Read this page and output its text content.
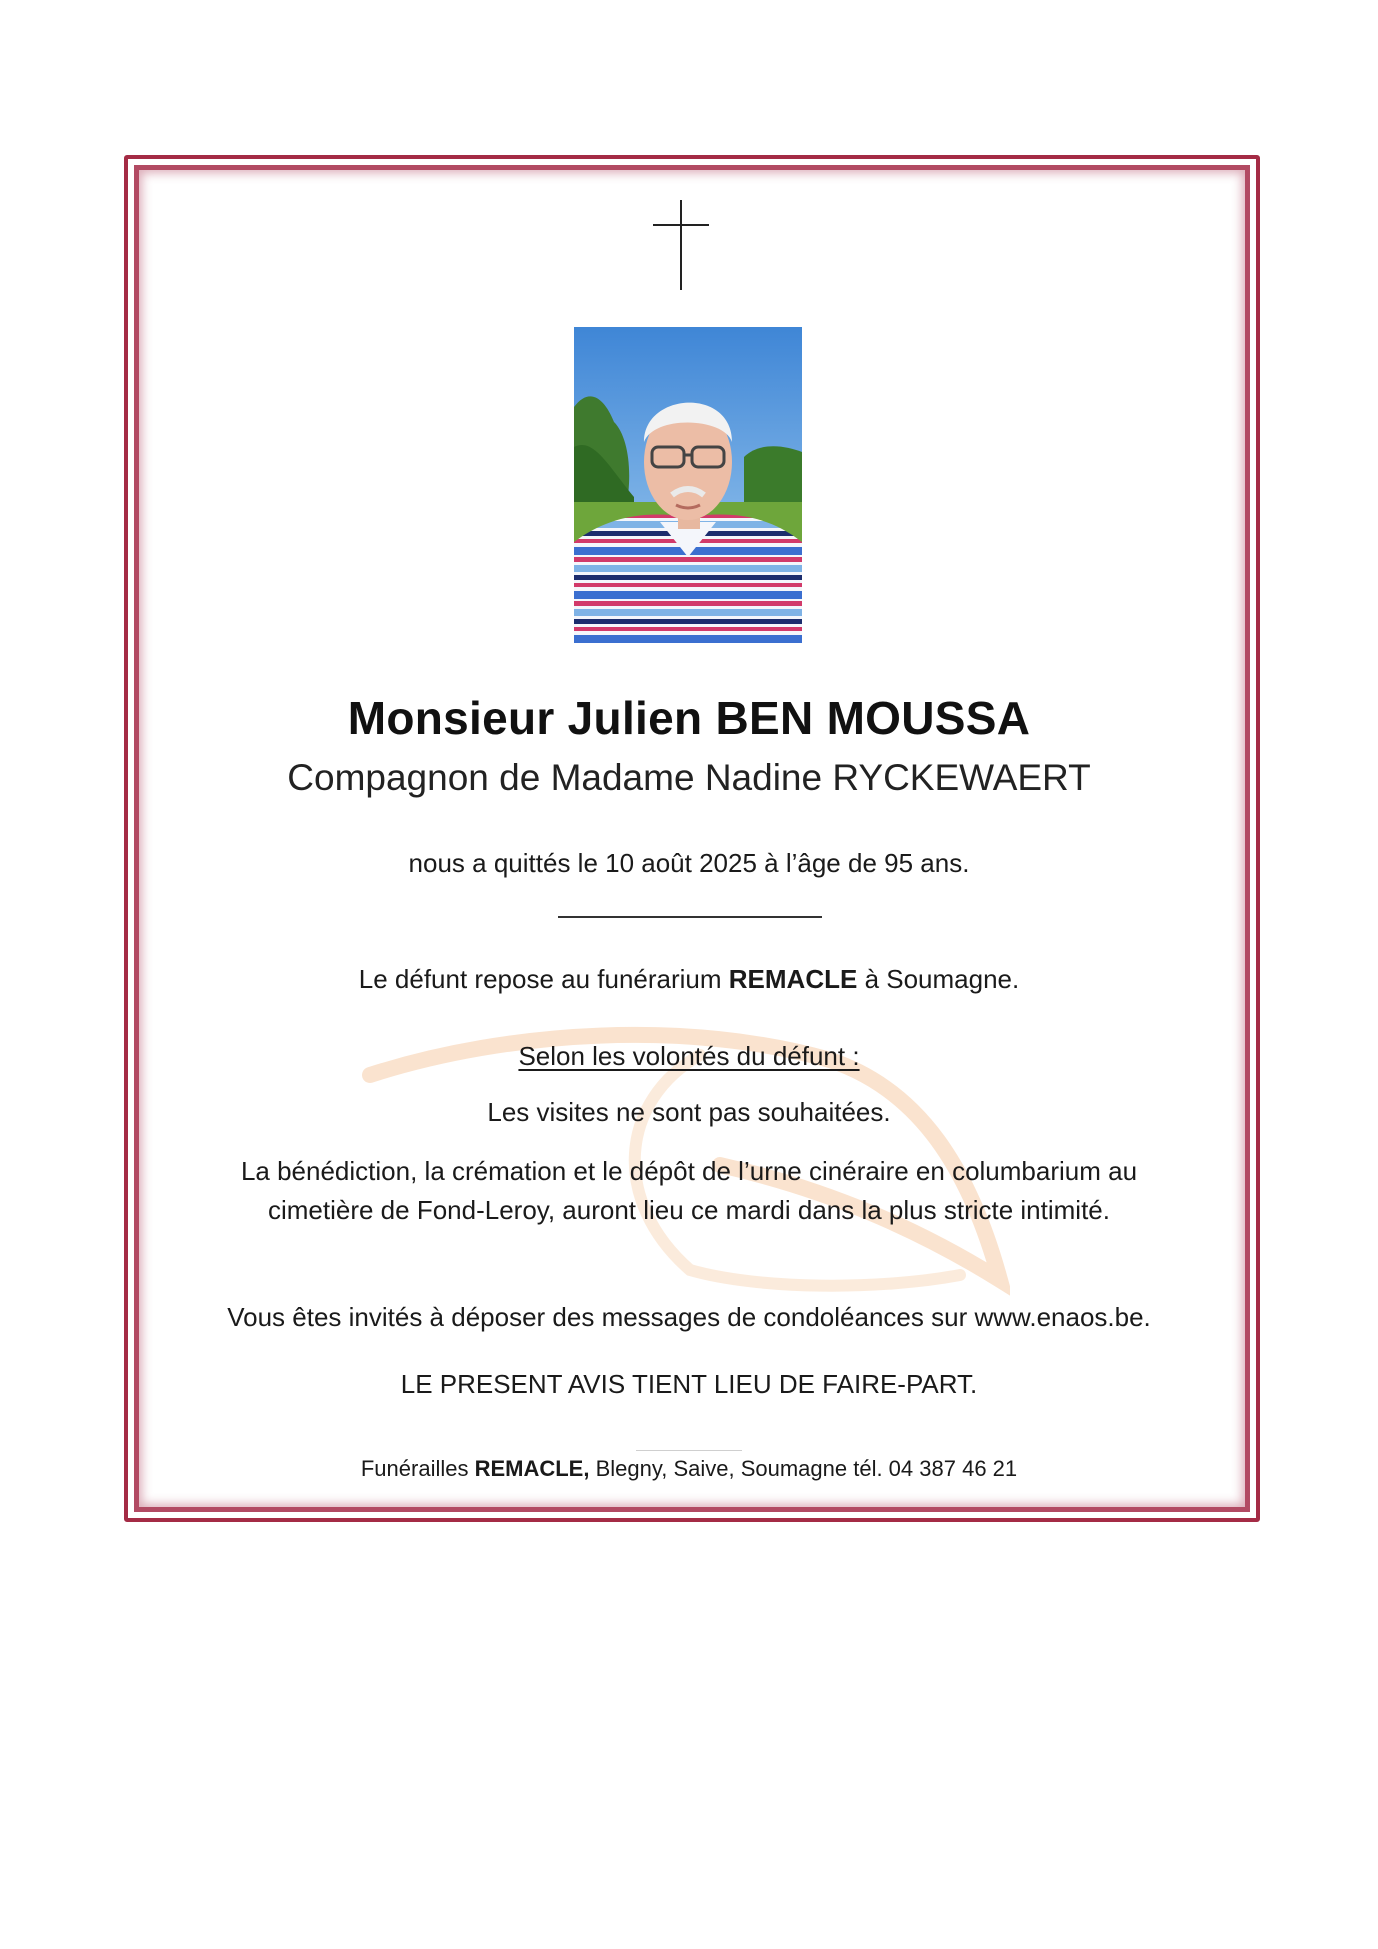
Monsieur Julien BEN MOUSSA
Compagnon de Madame Nadine RYCKEWAERT
nous a quittés le 10 août 2025 à l’âge de 95 ans.
Le défunt repose au funérarium REMACLE à Soumagne.
Selon les volontés du défunt :
Les visites ne sont pas souhaitées.
La bénédiction, la crémation et le dépôt de l’urne cinéraire en columbarium au
cimetière de Fond-Leroy, auront lieu ce mardi dans la plus stricte intimité.
Vous êtes invités à déposer des messages de condoléances sur www.enaos.be.
LE PRESENT AVIS TIENT LIEU DE FAIRE-PART.
Funérailles REMACLE, Blegny, Saive, Soumagne tél. 04 387 46 21
